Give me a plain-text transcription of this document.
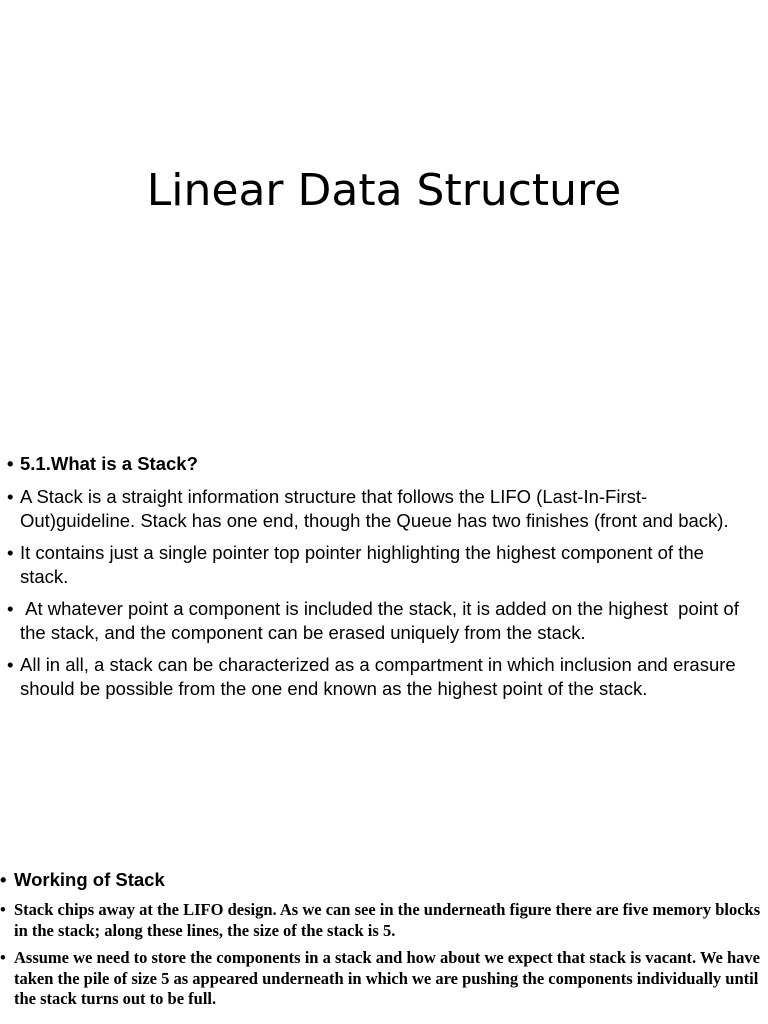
Linear Data Structure
• 5.1.What is a Stack?
• A Stack is a straight information structure that follows the LIFO (Last-In-First-Out)guideline. Stack has one end, though the Queue has two finishes (front and back).
• It contains just a single pointer top pointer highlighting the highest component of the stack.
• At whatever point a component is included the stack, it is added on the highest  point of the stack, and the component can be erased uniquely from the stack.
• All in all, a stack can be characterized as a compartment in which inclusion and erasure should be possible from the one end known as the highest point of the stack.
• Working of Stack
• Stack chips away at the LIFO design. As we can see in the underneath figure there are five memory blocks in the stack; along these lines, the size of the stack is 5.
• Assume we need to store the components in a stack and how about we expect that stack is vacant. We have taken the pile of size 5 as appeared underneath in which we are pushing the components individually until the stack turns out to be full.
